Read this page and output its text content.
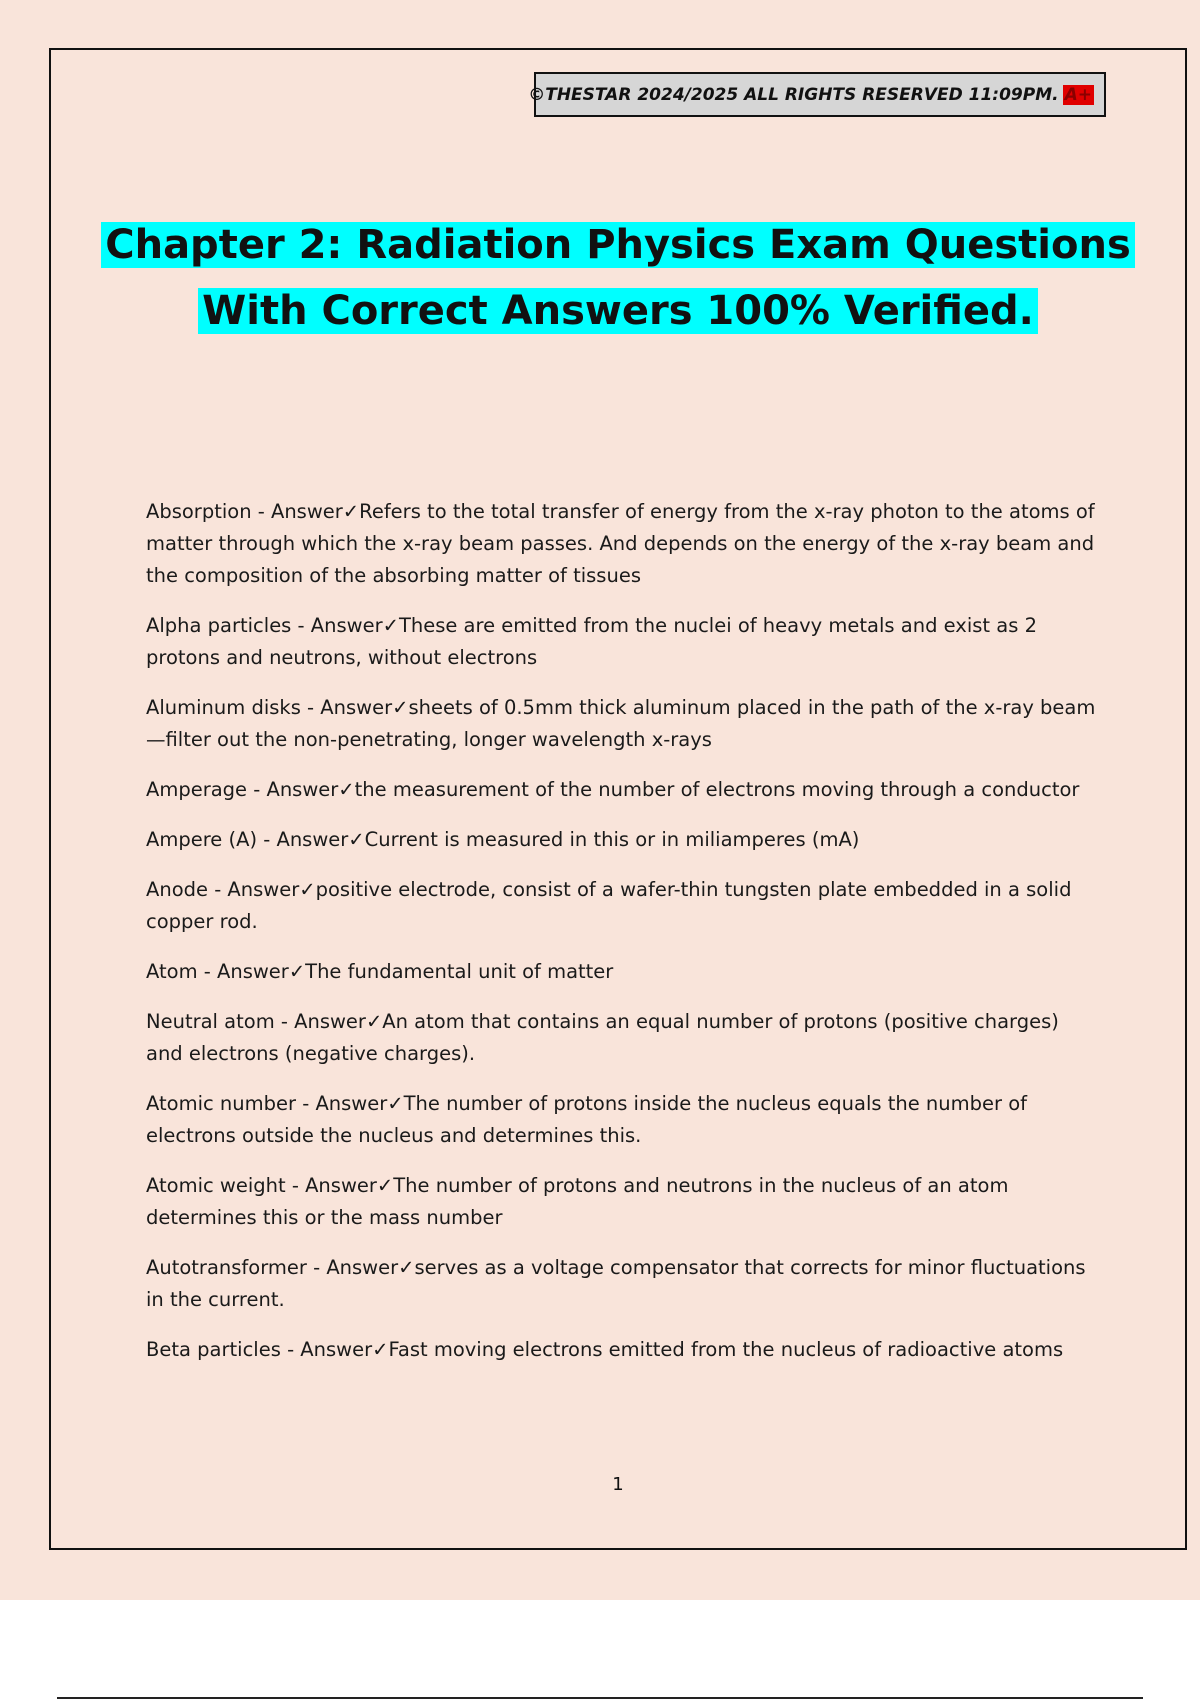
©THESTAR 2024/2025 ALL RIGHTS RESERVED 11:09PM. A+
Chapter 2: Radiation Physics Exam Questions
With Correct Answers 100% Verified.
Absorption - Answer✓Refers to the total transfer of energy from the x-ray photon to the atoms of matter through which the x-ray beam passes. And depends on the energy of the x-ray beam and the composition of the absorbing matter of tissues
Alpha particles - Answer✓These are emitted from the nuclei of heavy metals and exist as 2 protons and neutrons, without electrons
Aluminum disks - Answer✓sheets of 0.5mm thick aluminum placed in the path of the x-ray beam—filter out the non-penetrating, longer wavelength x-rays
Amperage - Answer✓the measurement of the number of electrons moving through a conductor
Ampere (A) - Answer✓Current is measured in this or in miliamperes (mA)
Anode - Answer✓positive electrode, consist of a wafer-thin tungsten plate embedded in a solid copper rod.
Atom - Answer✓The fundamental unit of matter
Neutral atom - Answer✓An atom that contains an equal number of protons (positive charges) and electrons (negative charges).
Atomic number - Answer✓The number of protons inside the nucleus equals the number of electrons outside the nucleus and determines this.
Atomic weight - Answer✓The number of protons and neutrons in the nucleus of an atom determines this or the mass number
Autotransformer - Answer✓serves as a voltage compensator that corrects for minor fluctuations in the current.
Beta particles - Answer✓Fast moving electrons emitted from the nucleus of radioactive atoms
1
